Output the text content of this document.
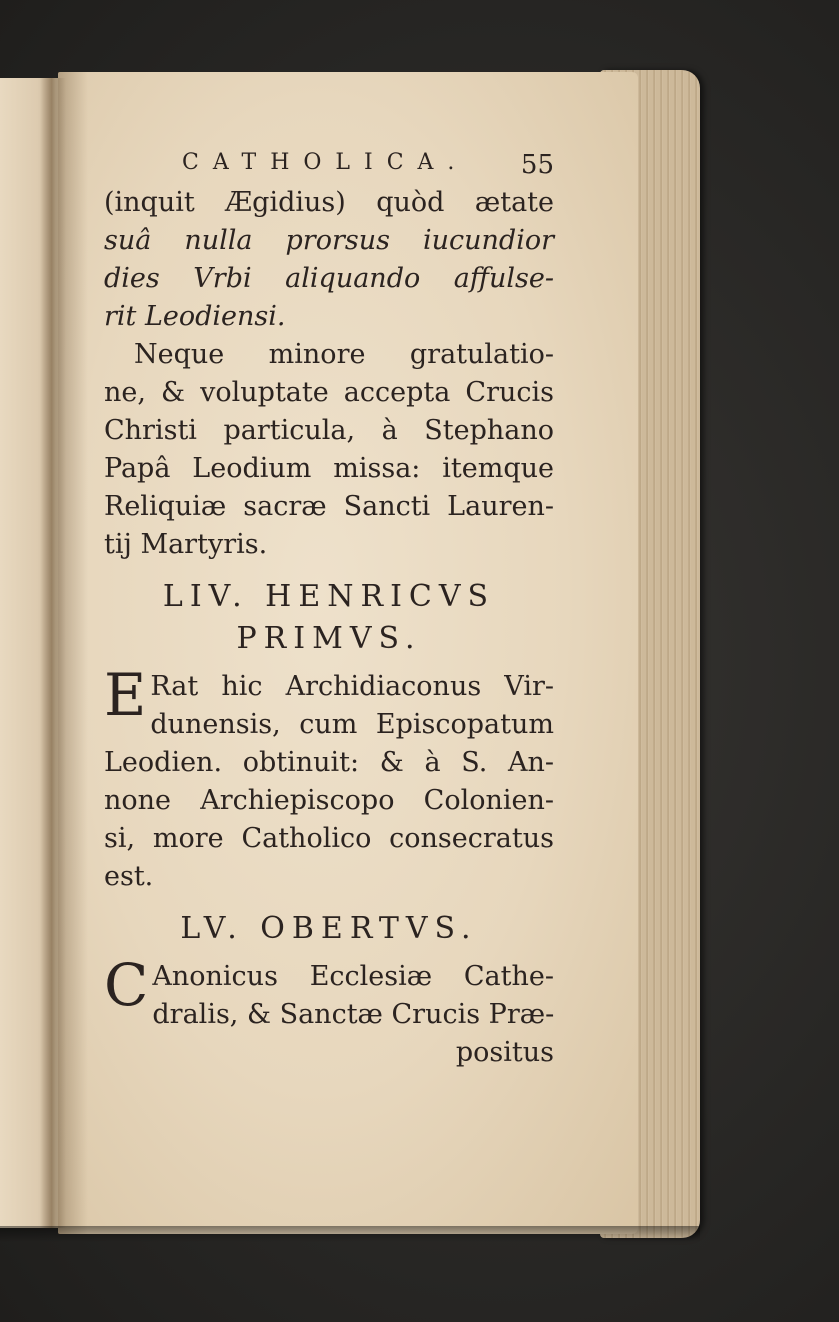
CATHOLICA. 55
(inquit Ægidius) quòd ætate
suâ nulla prorsus iucundior
dies Vrbi aliquando affulse-
rit Leodiensi.
Neque minore gratulatio-
ne, & voluptate accepta Crucis
Christi particula, à Stephano
Papâ Leodium missa: itemque
Reliquiæ sacræ Sancti Lauren-
tij Martyris.
LIV. HENRICVS
PRIMVS.
E Rat hic Archidiaconus Vir-
dunensis, cum Episcopatum
Leodien. obtinuit: & à S. An-
none Archiepiscopo Colonien-
si, more Catholico consecratus
est.
LV. OBERTVS.
C Anonicus Ecclesiæ Cathe-
dralis, & Sanctæ Crucis Præ-
positus
